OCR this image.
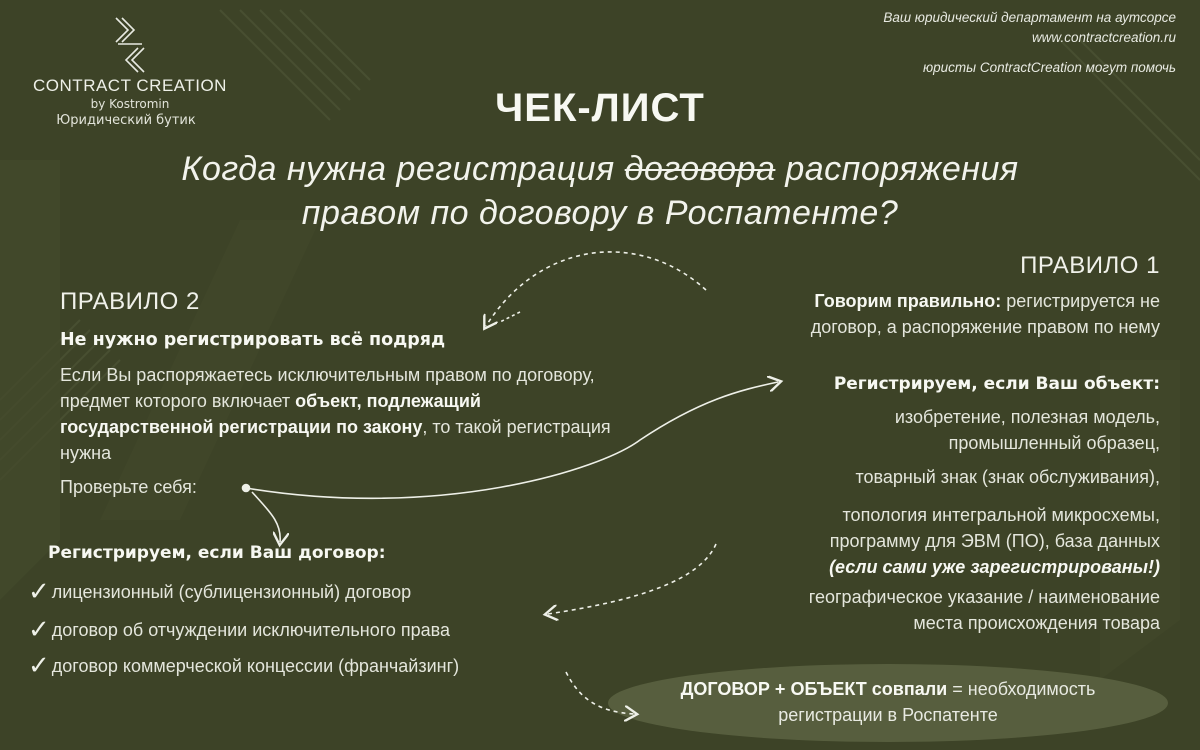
CONTRACT CREATION
by Kostromin
Юридический бутик
Ваш юридический департамент на аутсорсе
www.contractcreation.ru
юристы ContractCreation могут помочь
ЧЕК-ЛИСТ
Когда нужна регистрация договора распоряжения
правом по договору в Роспатенте?
ПРАВИЛО 2
Не нужно регистрировать всё подряд
Если Вы распоряжаетесь исключительным правом по договору, предмет которого включает объект, подлежащий государственной регистрации по закону, то такой регистрация нужна
Проверьте себя:
Регистрируем, если Ваш договор:
✓ лицензионный (сублицензионный) договор
✓ договор об отчуждении исключительного права
✓ договор коммерческой концессии (франчайзинг)
ПРАВИЛО 1
Говорим правильно: регистрируется не
договор, а распоряжение правом по нему
Регистрируем, если Ваш объект:
изобретение, полезная модель,
промышленный образец,
товарный знак (знак обслуживания),
топология интегральной микросхемы,
программу для ЭВМ (ПО), база данных
(если сами уже зарегистрированы!)
географическое указание / наименование
места происхождения товара
ДОГОВОР + ОБЪЕКТ совпали = необходимость
регистрации в Роспатенте
